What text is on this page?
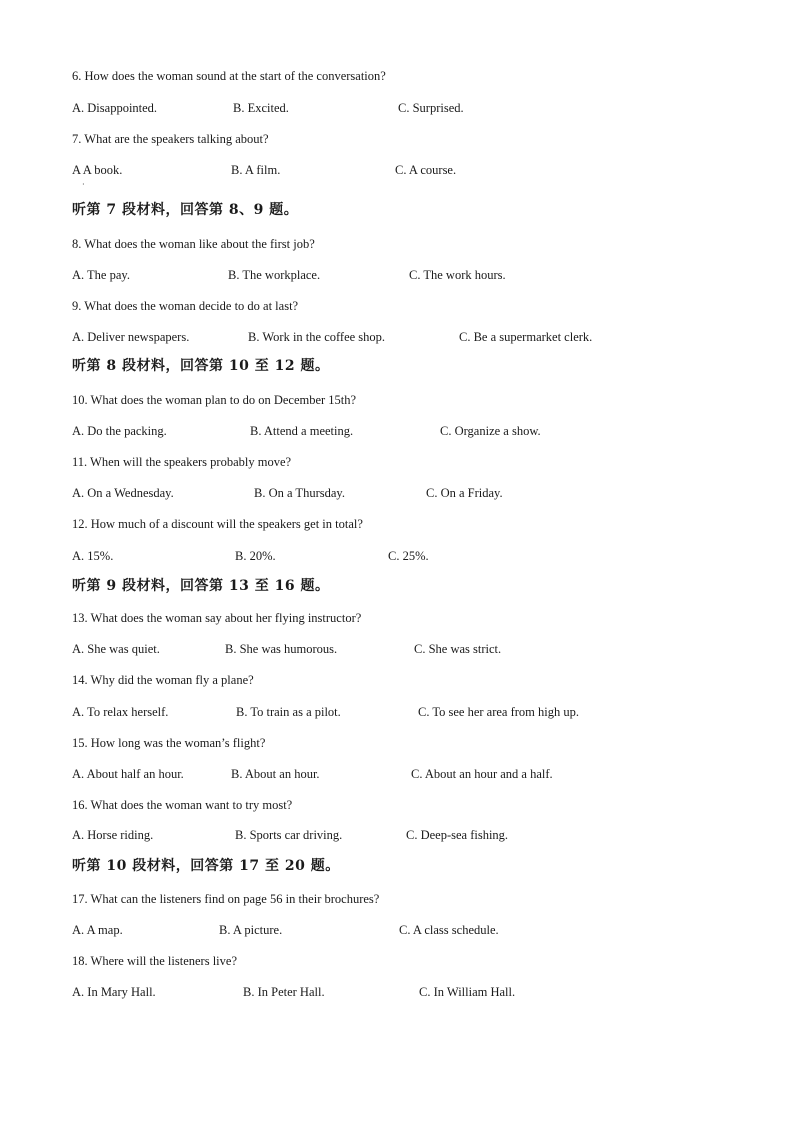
·
6. How does the woman sound at the start of the conversation?
A. Disappointed.	B. Excited.	C. Surprised.
7. What are the speakers talking about?
A A book.	B. A film.	C. A course.
听第 7 段材料，回答第 8、9 题。
8. What does the woman like about the first job?
A. The pay.	B. The workplace.	C. The work hours.
9. What does the woman decide to do at last?
A. Deliver newspapers.	B. Work in the coffee shop.	C. Be a supermarket clerk.
听第 8 段材料，回答第 10 至 12 题。
10. What does the woman plan to do on December 15th?
A. Do the packing.	B. Attend a meeting.	C. Organize a show.
11. When will the speakers probably move?
A. On a Wednesday.	B. On a Thursday.	C. On a Friday.
12. How much of a discount will the speakers get in total?
A. 15%.	B. 20%.	C. 25%.
听第 9 段材料，回答第 13 至 16 题。
13. What does the woman say about her flying instructor?
A. She was quiet.	B. She was humorous.	C. She was strict.
14. Why did the woman fly a plane?
A. To relax herself.	B. To train as a pilot.	C. To see her area from high up.
15. How long was the woman’s flight?
A. About half an hour.	B. About an hour.	C. About an hour and a half.
16. What does the woman want to try most?
A. Horse riding.	B. Sports car driving.	C. Deep-sea fishing.
听第 10 段材料，回答第 17 至 20 题。
17. What can the listeners find on page 56 in their brochures?
A. A map.	B. A picture.	C. A class schedule.
18. Where will the listeners live?
A. In Mary Hall.	B. In Peter Hall.	C. In William Hall.
